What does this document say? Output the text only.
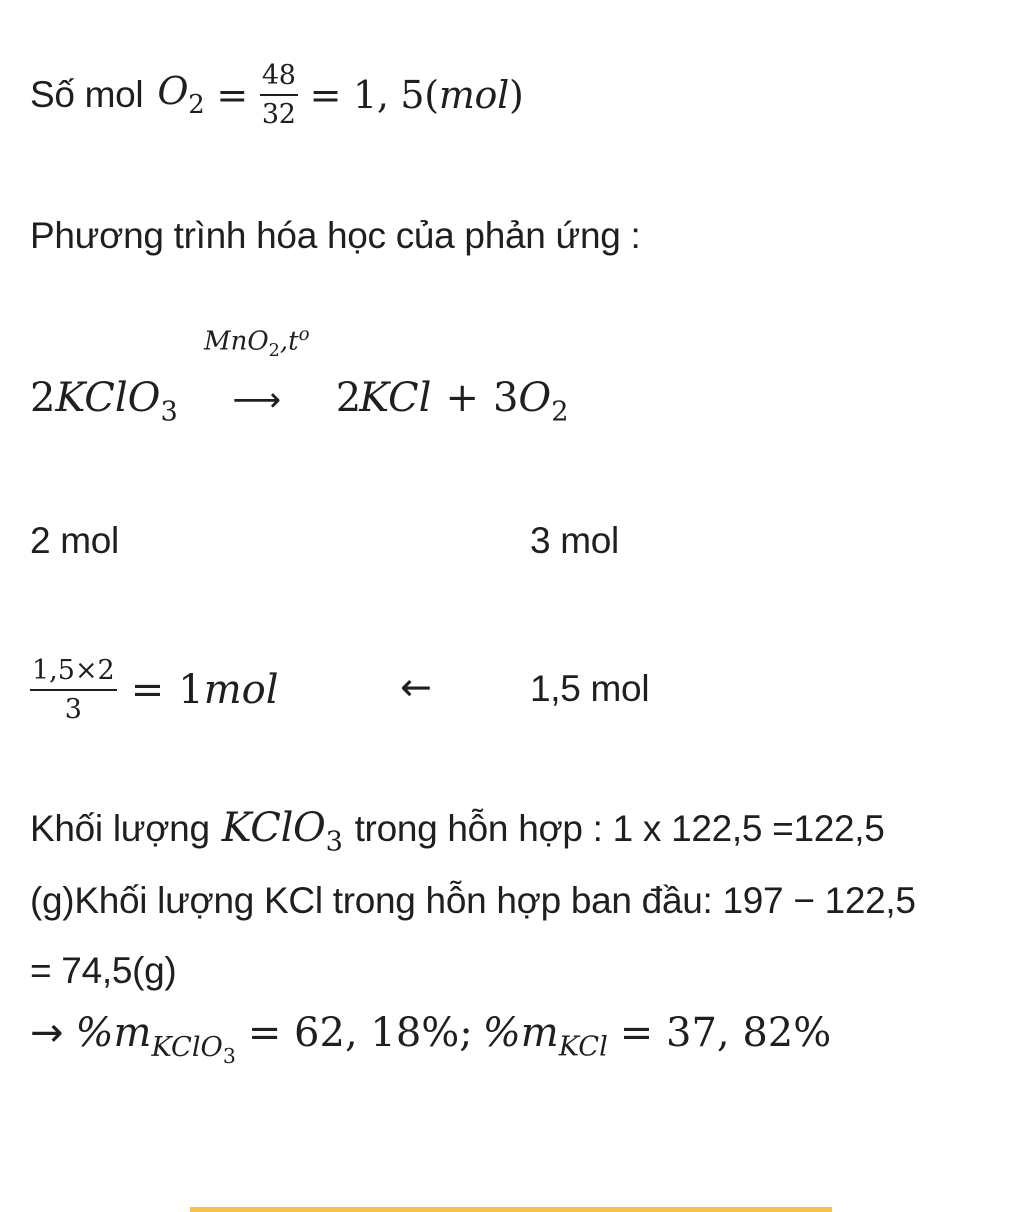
Số mol $O_2 = \frac{48}{32} = 1$, 5( mol )
Phương trình hóa học của phản ứng :
2 KClO$_3$
$MnO_2,t^o$
⟶	2
KCl + 3 $O_2$
2 mol	3 mol
$\frac{1,5\times 2}{3} = 1$ mol	←	1,5 mol
Khối lượng KClO$_3$ trong hỗn hợp : 1 x 122,5 =122,5
(g)Khối lượng KCl trong hỗn hợp ban đầu: 197 − 122,5
= 74,5(g)
→ $\%m_{KClO_3} = 62$, 18%; $\%m_{KCl} = 37$, 82%
